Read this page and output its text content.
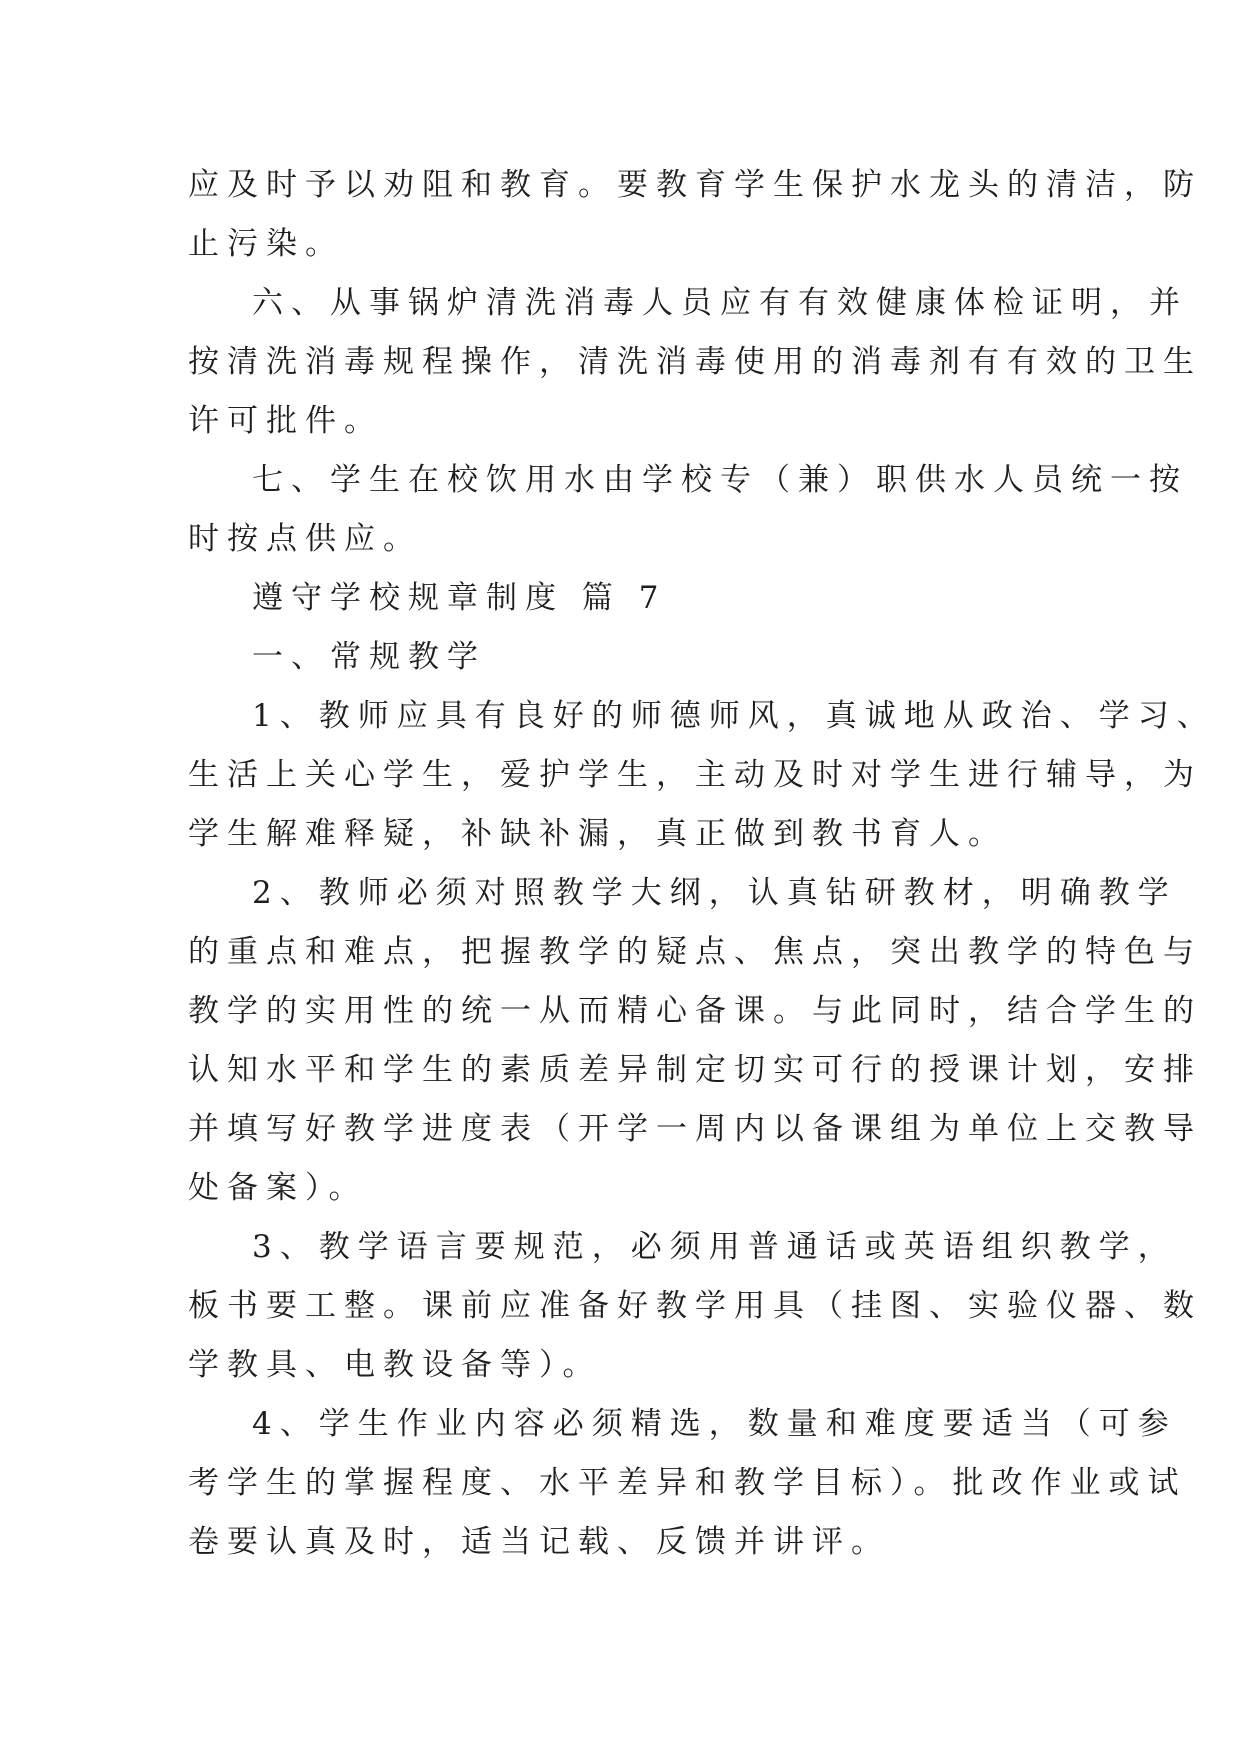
应及时予以劝阻和教育。要教育学生保护水龙头的清洁，防
止污染。
六、从事锅炉清洗消毒人员应有有效健康体检证明，并
按清洗消毒规程操作，清洗消毒使用的消毒剂有有效的卫生
许可批件。
七、学生在校饮用水由学校专（兼）职供水人员统一按
时按点供应。
遵守学校规章制度 篇 7
一、常规教学
1、教师应具有良好的师德师风，真诚地从政治、学习、
生活上关心学生，爱护学生，主动及时对学生进行辅导，为
学生解难释疑，补缺补漏，真正做到教书育人。
2、教师必须对照教学大纲，认真钻研教材，明确教学
的重点和难点，把握教学的疑点、焦点，突出教学的特色与
教学的实用性的统一从而精心备课。与此同时，结合学生的
认知水平和学生的素质差异制定切实可行的授课计划，安排
并填写好教学进度表（开学一周内以备课组为单位上交教导
处备案）。
3、教学语言要规范，必须用普通话或英语组织教学，
板书要工整。课前应准备好教学用具（挂图、实验仪器、数
学教具、电教设备等）。
4、学生作业内容必须精选，数量和难度要适当（可参
考学生的掌握程度、水平差异和教学目标）。批改作业或试
卷要认真及时，适当记载、反馈并讲评。
